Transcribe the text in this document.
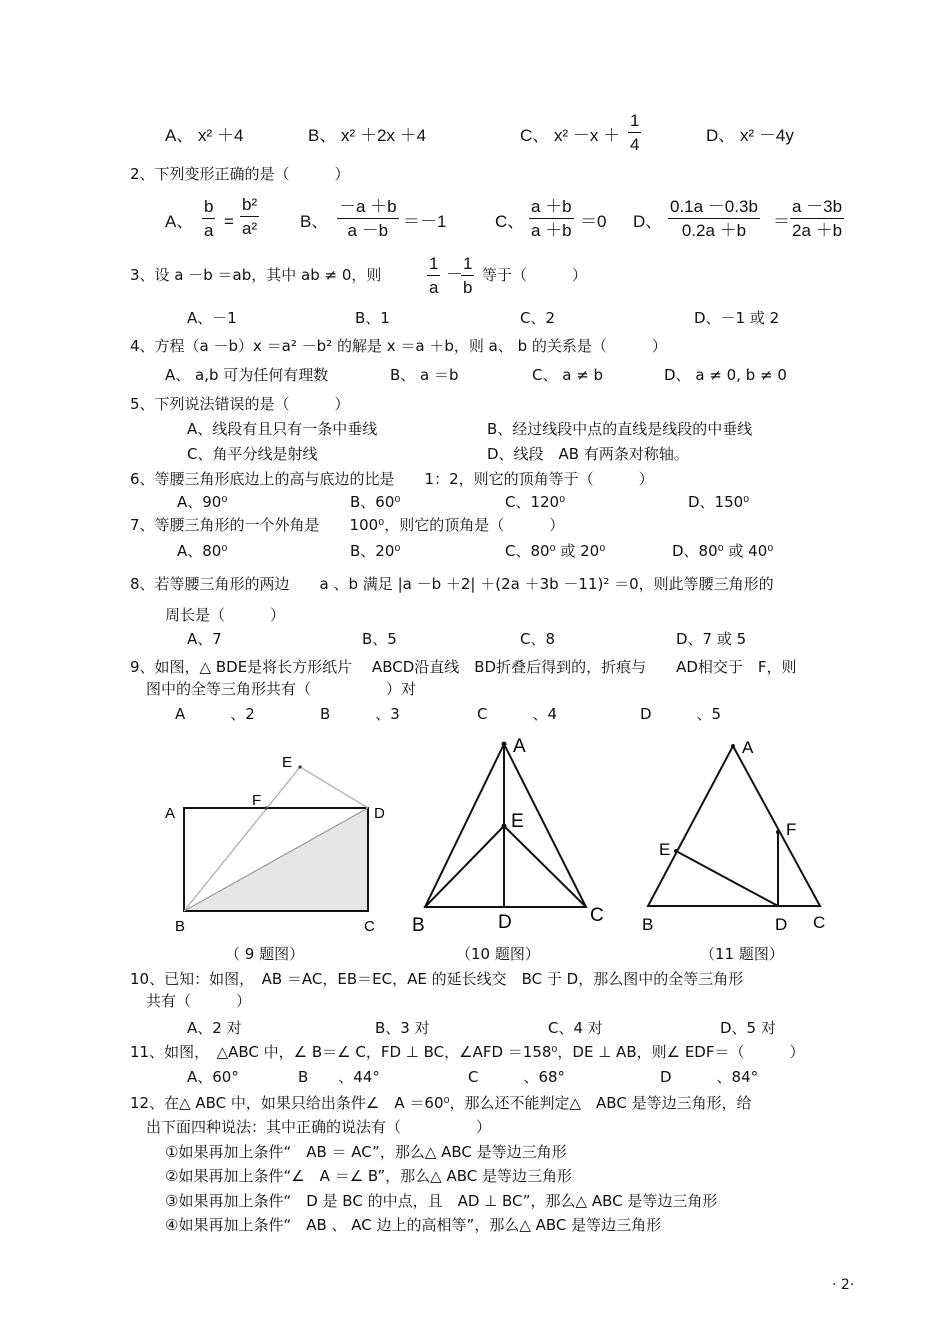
A、 x² ＋4	B、 x² ＋2x ＋4	C、 $x^2 -x + \frac{1}{4}$	D、 x² －4y
2、下列变形正确的是（　　　）
A、 $\frac{b}{a} = \frac{\text{b²}}{\text{a²}}$ B、 $\frac{-a +b}{a -b} =-1$	C、 $\frac{a +b}{a +b} =0$ D、 $\frac{0.1a -0.3b}{0.2a +b} = \frac{a -3b}{2a +b}$
3、设 a －b ＝ab，其中 ab ≠ 0，则	$\frac{1}{a}$ －
$\frac{1}{b}$ 等于（　　　）
A、－1	B、1	C、2	D、－1 或 2
4、方程（a －b）x ＝a² －b² 的解是 x ＝a ＋b，则 a、 b 的关系是（　　　）
A、 a,b 可为任何有理数	B、 a ＝b	C、 a ≠ b	D、 a ≠ 0, b ≠ 0
5、下列说法错误的是（　　　）
A、线段有且只有一条中垂线	B、经过线段中点的直线是线段的中垂线
C、角平分线是射线	D、线段　AB 有两条对称轴。
6、等腰三角形底边上的高与底边的比是　　1：2，则它的顶角等于（　　　）
A、90⁰	B、60⁰	C、120⁰	D、150⁰
7、等腰三角形的一个外角是　　100⁰，则它的顶角是（　　　）
A、80⁰	B、20⁰	C、80⁰ 或 20⁰	D、80⁰ 或 40⁰
8、若等腰三角形的两边　　a 、b 满足 |a －b ＋2| ＋(2a ＋3b －11)² ＝0，则此等腰三角形的
周长是（　　　）
A、7	B、5	C、8	D、7 或 5
9、如图，△ BDE是将长方形纸片　 ABCD沿直线　BD折叠后得到的，折痕与　　AD相交于　F，则
图中的全等三角形共有（　　　　　）对
A　　　、2	B　　　、3	C　　　、4	D　　　、5
E
F
A	D
B	C
A
E
B	D	C
A
F
E
B	D C
（ 9 题图）	（10 题图）	（11 题图）
10、已知：如图，　AB ＝AC，EB＝EC，AE 的延长线交　BC 于 D，那么图中的全等三角形
共有（　　　）
A、2 对	B、3 对	C、4 对	D、5 对
11、如图，　△ABC 中，∠ B＝∠ C，FD ⊥ BC，∠AFD ＝158⁰，DE ⊥ AB，则∠ EDF＝（　　　）
A、60°	B　　、44°	C　　　、68°	D　　　、84°
12、在△ ABC 中，如果只给出条件∠　A ＝60⁰，那么还不能判定△　ABC 是等边三角形，给
出下面四种说法：其中正确的说法有（　　　　　）
①如果再加上条件“　AB ＝ AC”，那么△ ABC 是等边三角形
②如果再加上条件“∠　A ＝∠ B”，那么△ ABC 是等边三角形
③如果再加上条件“　D 是 BC 的中点，且　AD ⊥ BC”，那么△ ABC 是等边三角形
④如果再加上条件“　AB 、 AC 边上的高相等”，那么△ ABC 是等边三角形
· 2·
